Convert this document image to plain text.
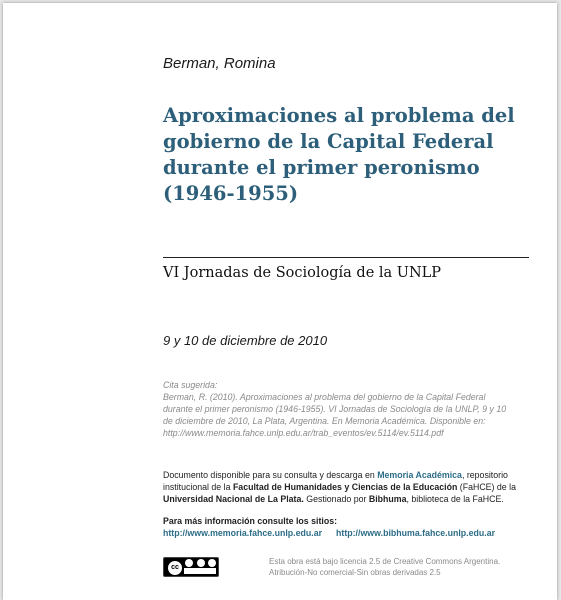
Berman, Romina
Aproximaciones al problema del
gobierno de la Capital Federal
durante el primer peronismo
(1946-1955)
VI Jornadas de Sociología de la UNLP
9 y 10 de diciembre de 2010
Cita sugerida:
Berman, R. (2010). Aproximaciones al problema del gobierno de la Capital Federal
durante el primer peronismo (1946-1955). VI Jornadas de Sociología de la UNLP, 9 y 10
de diciembre de 2010, La Plata, Argentina. En Memoria Académica. Disponible en:
http://www.memoria.fahce.unlp.edu.ar/trab_eventos/ev.5114/ev.5114.pdf
Documento disponible para su consulta y descarga en Memoria Académica, repositorio
institucional de la Facultad de Humanidades y Ciencias de la Educación (FaHCE) de la
Universidad Nacional de La Plata. Gestionado por Bibhuma, biblioteca de la FaHCE.
Para más información consulte los sitios:
http://www.memoria.fahce.unlp.edu.ar http://www.bibhuma.fahce.unlp.edu.ar
cc
Esta obra está bajo licencia 2.5 de Creative Commons Argentina.
Atribución-No comercial-Sin obras derivadas 2.5
